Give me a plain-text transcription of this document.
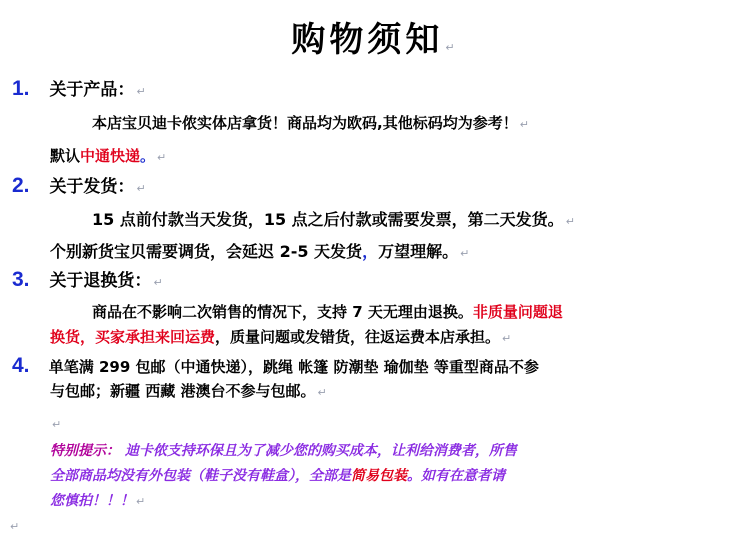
购物须知 ↵
1. 关于产品： ↵
本店宝贝迪卡侬实体店拿货！商品均为欧码,其他标码均为参考！ ↵
默认中通快递。 ↵
2. 关于发货： ↵
15 点前付款当天发货，15 点之后付款或需要发票，第二天发货。 ↵
个别新货宝贝需要调货，会延迟 2-5 天发货，万望理解。 ↵
3. 关于退换货： ↵
商品在不影响二次销售的情况下，支持 7 天无理由退换。非质量问题退
换货，买家承担来回运费，质量问题或发错货，往返运费本店承担。 ↵
4. 单笔满 299 包邮（中通快递），跳绳 帐篷 防潮垫 瑜伽垫 等重型商品不参
与包邮；新疆 西藏 港澳台不参与包邮。 ↵
↵
特别提示： 迪卡侬支持环保且为了减少您的购买成本，让利给消费者，所售
全部商品均没有外包装（鞋子没有鞋盒），全部是简易包装。如有在意者请
您慎拍！！！ ↵
↵
